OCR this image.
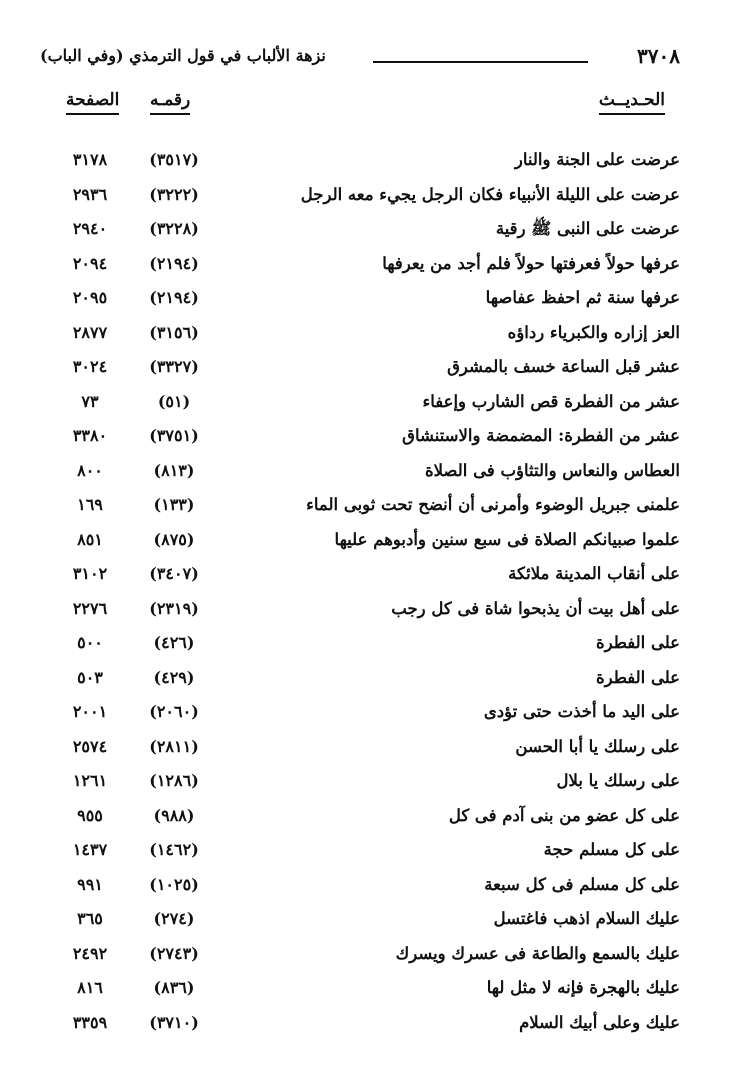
٣٧٠٨
نزهة الألباب في قول الترمذي (وفي الباب)
الحـديــث
رقمـه
الصفحة
عرضت على الجنة والنار
(٣٥١٧)
٣١٧٨
عرضت على الليلة الأنبياء فكان الرجل يجيء معه الرجل
(٣٢٢٢)
٢٩٣٦
عرضت على النبى ﷺ رقية
(٣٢٢٨)
٢٩٤٠
عرفها حولاً فعرفتها حولاً فلم أجد من يعرفها
(٢١٩٤)
٢٠٩٤
عرفها سنة ثم احفظ عفاصها
(٢١٩٤)
٢٠٩٥
العز إزاره والكبرياء رداؤه
(٣١٥٦)
٢٨٧٧
عشر قبل الساعة خسف بالمشرق
(٣٣٢٧)
٣٠٢٤
عشر من الفطرة قص الشارب وإعفاء
(٥١)
٧٣
عشر من الفطرة: المضمضة والاستنشاق
(٣٧٥١)
٣٣٨٠
العطاس والنعاس والتثاؤب فى الصلاة
(٨١٣)
٨٠٠
علمنى جبريل الوضوء وأمرنى أن أنضح تحت ثوبى الماء
(١٣٣)
١٦٩
علموا صبيانكم الصلاة فى سبع سنين وأدبوهم عليها
(٨٧٥)
٨٥١
على أنقاب المدينة ملائكة
(٣٤٠٧)
٣١٠٢
على أهل بيت أن يذبحوا شاة فى كل رجب
(٢٣١٩)
٢٢٧٦
على الفطرة
(٤٢٦)
٥٠٠
على الفطرة
(٤٢٩)
٥٠٣
على اليد ما أخذت حتى تؤدى
(٢٠٦٠)
٢٠٠١
على رسلك يا أبا الحسن
(٢٨١١)
٢٥٧٤
على رسلك يا بلال
(١٢٨٦)
١٢٦١
على كل عضو من بنى آدم فى كل
(٩٨٨)
٩٥٥
على كل مسلم حجة
(١٤٦٢)
١٤٣٧
على كل مسلم فى كل سبعة
(١٠٢٥)
٩٩١
عليك السلام اذهب فاغتسل
(٢٧٤)
٣٦٥
عليك بالسمع والطاعة فى عسرك ويسرك
(٢٧٤٣)
٢٤٩٢
عليك بالهجرة فإنه لا مثل لها
(٨٣٦)
٨١٦
عليك وعلى أبيك السلام
(٣٧١٠)
٣٣٥٩
